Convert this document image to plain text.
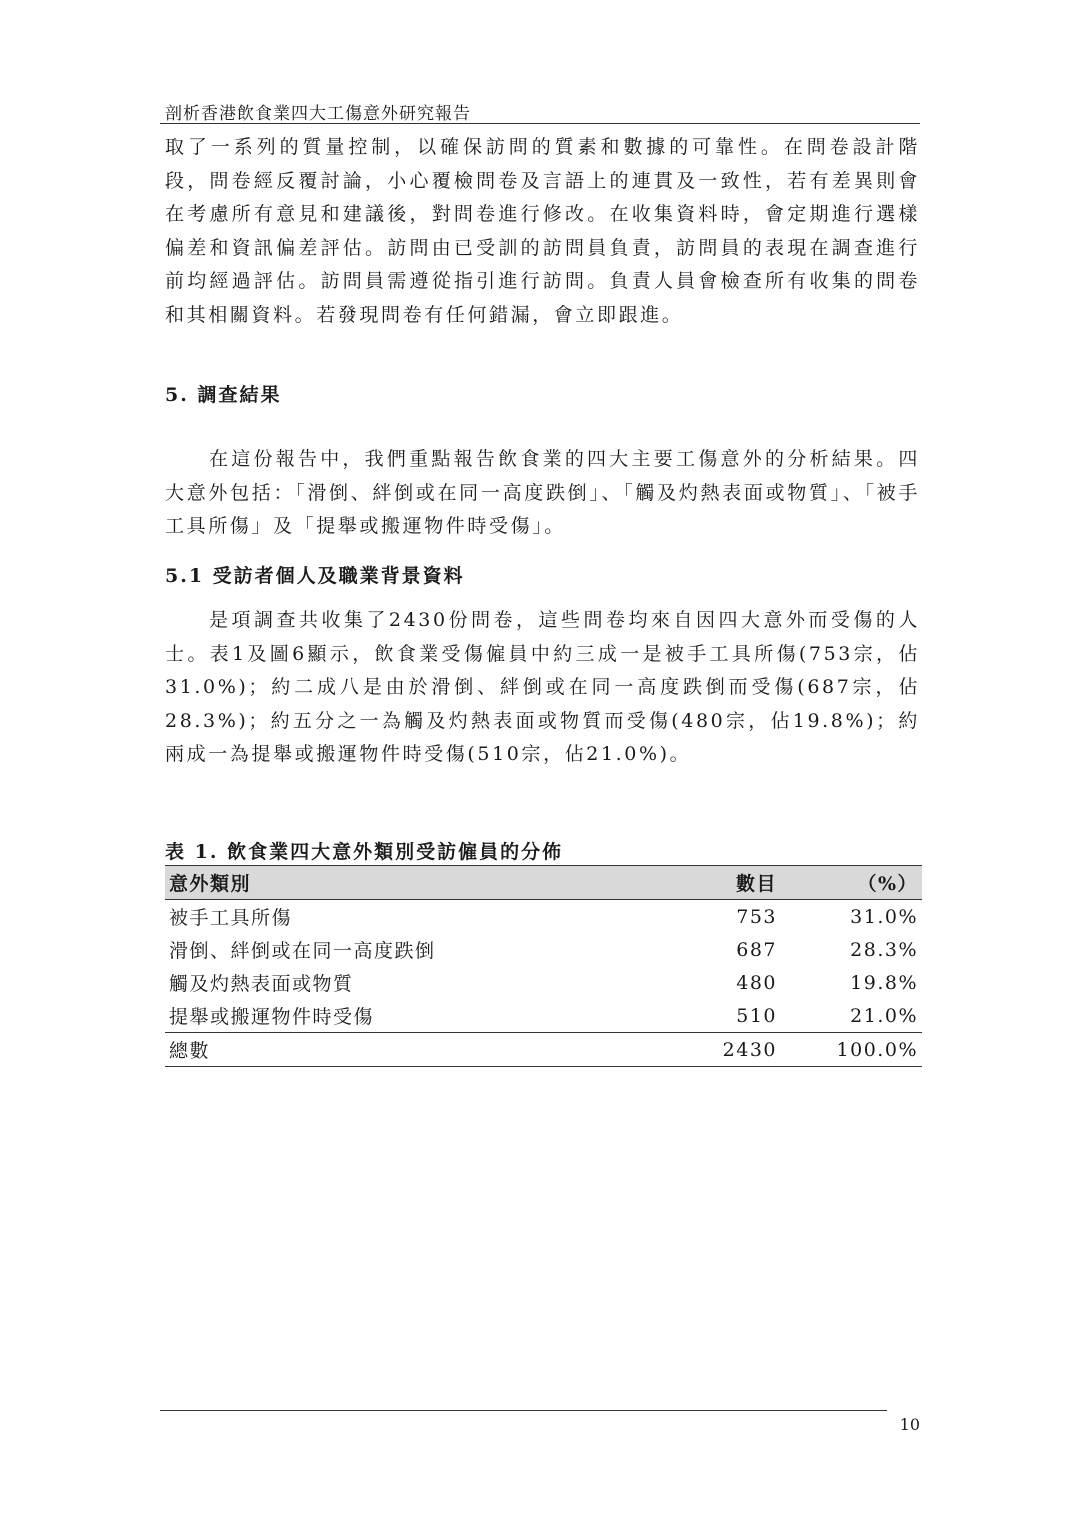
剖析香港飲食業四大工傷意外研究報告

取了一系列的質量控制，以確保訪問的質素和數據的可靠性。在問卷設計階段，問卷經反覆討論，小心覆檢問卷及言語上的連貫及一致性，若有差異則會在考慮所有意見和建議後，對問卷進行修改。在收集資料時，會定期進行選樣偏差和資訊偏差評估。訪問由已受訓的訪問員負責，訪問員的表現在調查進行前均經過評估。訪問員需遵從指引進行訪問。負責人員會檢查所有收集的問卷和其相關資料。若發現問卷有任何錯漏，會立即跟進。

5. 調查結果

在這份報告中，我們重點報告飲食業的四大主要工傷意外的分析結果。四大意外包括：「滑倒、絆倒或在同一高度跌倒」、「觸及灼熱表面或物質」、「被手工具所傷」及「提舉或搬運物件時受傷」。

5.1 受訪者個人及職業背景資料

是項調查共收集了2430份問卷，這些問卷均來自因四大意外而受傷的人士。表1及圖6顯示，飲食業受傷僱員中約三成一是被手工具所傷(753宗，佔31.0%)；約二成八是由於滑倒、絆倒或在同一高度跌倒而受傷(687宗，佔28.3%)；約五分之一為觸及灼熱表面或物質而受傷(480宗，佔19.8%)；約兩成一為提舉或搬運物件時受傷(510宗，佔21.0%)。

表 1. 飲食業四大意外類別受訪僱員的分佈
意外類別	數目	（%）
被手工具所傷	753	31.0%
滑倒、絆倒或在同一高度跌倒	687	28.3%
觸及灼熱表面或物質	480	19.8%
提舉或搬運物件時受傷	510	21.0%
總數	2430	100.0%
10
